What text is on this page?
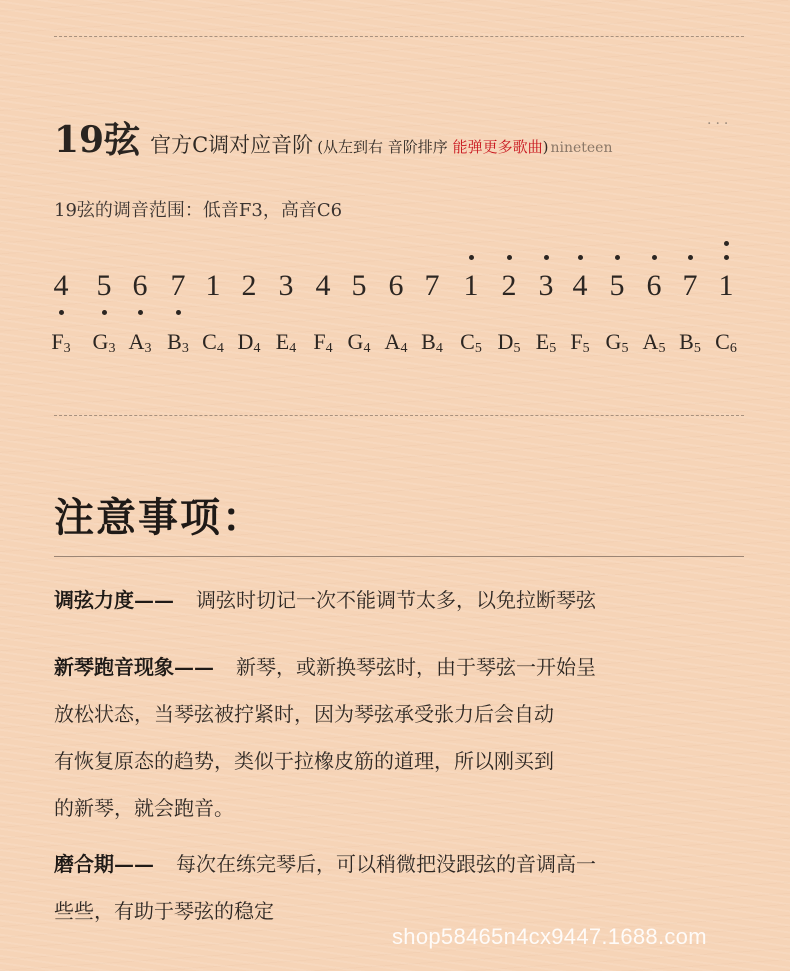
19弦 官方C调对应音阶 (从左到右 音阶排序 能弹更多歌曲) nineteen
···
19弦的调音范围：低音F3，高音C6
4
$F_3$
5
$G_3$
6
$A_3$
7
$B_3$
1
$C_4$
2
$D_4$
3
$E_4$
4
$F_4$
5
$G_4$
6
$A_4$
7
$B_4$
1
$C_5$
2
$D_5$
3
$E_5$
4
$F_5$
5
$G_5$
6
$A_5$
7
$B_5$
1
$C_6$
注意事项：
调弦力度—— 调弦时切记一次不能调节太多，以免拉断琴弦
新琴跑音现象—— 新琴，或新换琴弦时，由于琴弦一开始呈
放松状态，当琴弦被拧紧时，因为琴弦承受张力后会自动
有恢复原态的趋势，类似于拉橡皮筋的道理，所以刚买到
的新琴，就会跑音。
磨合期—— 每次在练完琴后，可以稍微把没跟弦的音调高一
些些，有助于琴弦的稳定
shop58465n4cx9447.1688.com
